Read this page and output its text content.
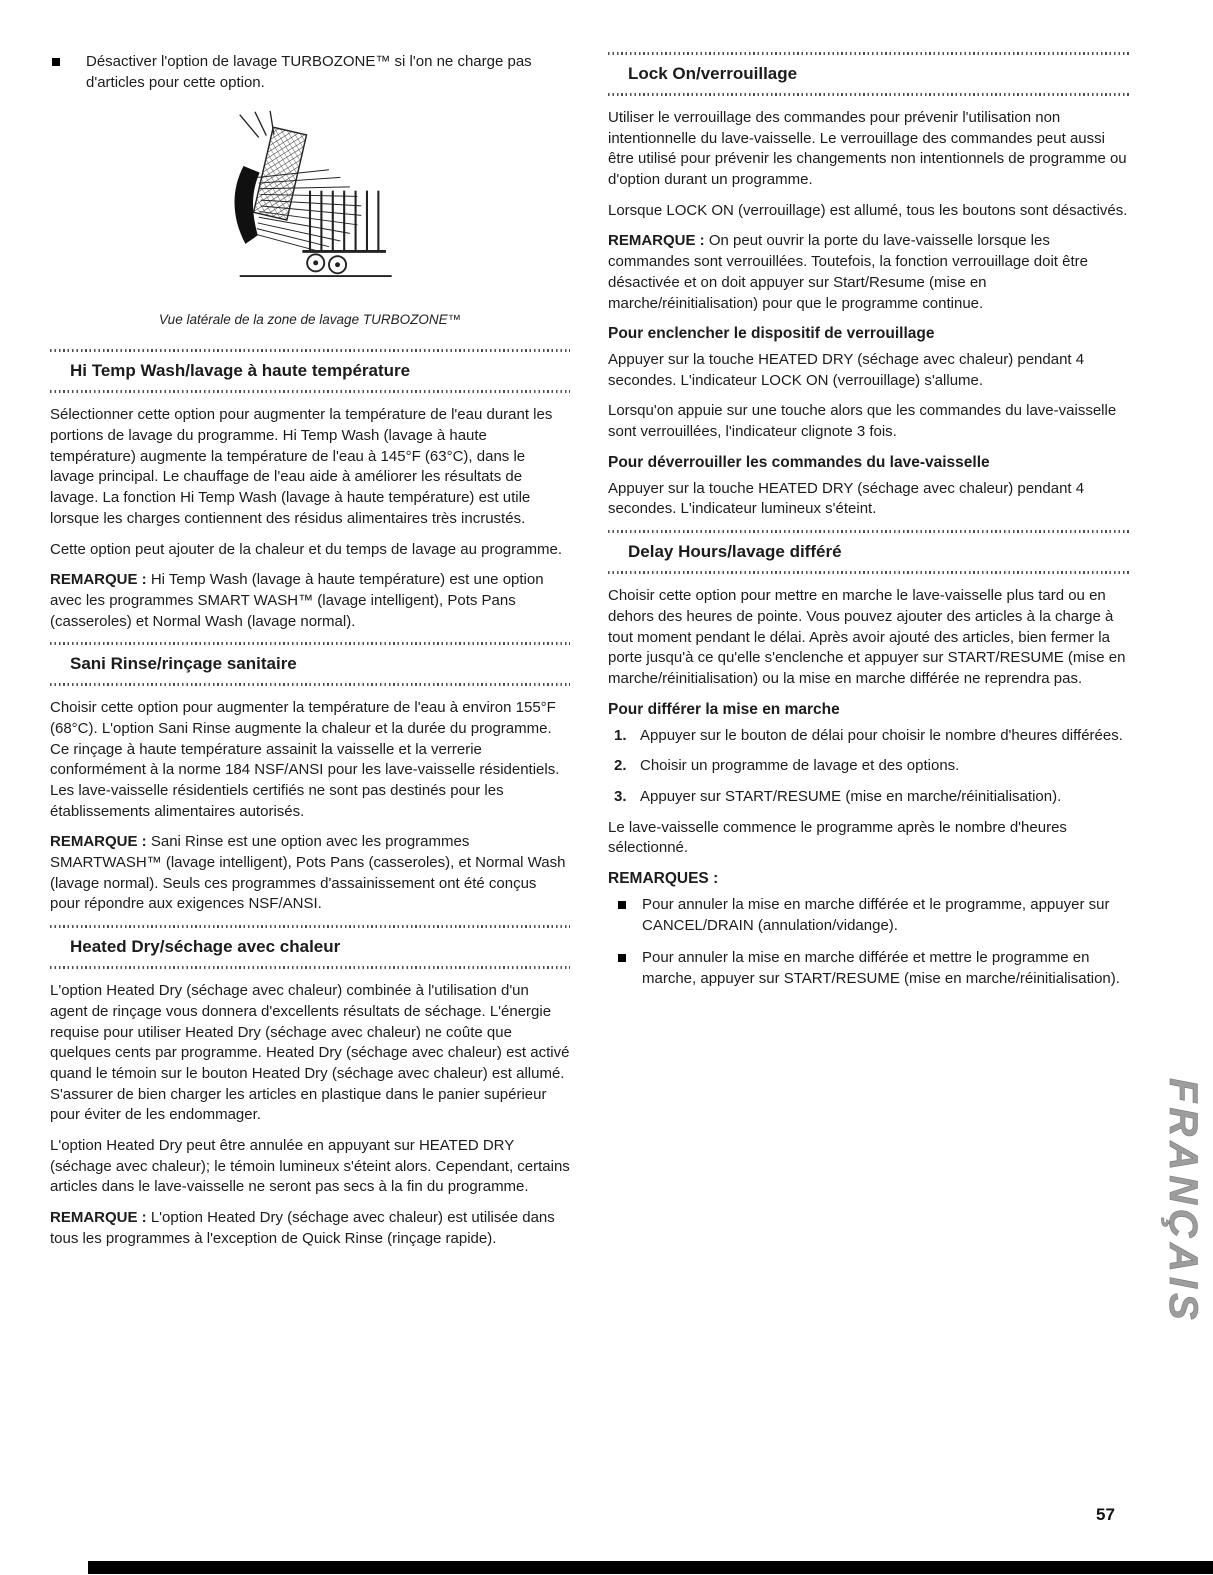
Désactiver l'option de lavage TURBOZONE™ si l'on ne charge pas d'articles pour cette option.
Vue latérale de la zone de lavage TURBOZONE™
Hi Temp Wash/lavage à haute température

Sélectionner cette option pour augmenter la température de l'eau durant les portions de lavage du programme. Hi Temp Wash (lavage à haute température) augmente la température de l'eau à 145°F (63°C), dans le lavage principal. Le chauffage de l'eau aide à améliorer les résultats de lavage. La fonction Hi Temp Wash (lavage à haute température) est utile lorsque les charges contiennent des résidus alimentaires très incrustés.

Cette option peut ajouter de la chaleur et du temps de lavage au programme.

REMARQUE : Hi Temp Wash (lavage à haute température) est une option avec les programmes SMART WASH™ (lavage intelligent), Pots Pans (casseroles) et Normal Wash (lavage normal).

Sani Rinse/rinçage sanitaire

Choisir cette option pour augmenter la température de l'eau à environ 155°F (68°C). L'option Sani Rinse augmente la chaleur et la durée du programme. Ce rinçage à haute température assainit la vaisselle et la verrerie conformément à la norme 184 NSF/ANSI pour les lave-vaisselle résidentiels. Les lave-vaisselle résidentiels certifiés ne sont pas destinés pour les établissements alimentaires autorisés.

REMARQUE : Sani Rinse est une option avec les programmes SMARTWASH™ (lavage intelligent), Pots Pans (casseroles), et Normal Wash (lavage normal). Seuls ces programmes d'assainissement ont été conçus pour répondre aux exigences NSF/ANSI.

Heated Dry/séchage avec chaleur

L'option Heated Dry (séchage avec chaleur) combinée à l'utilisation d'un agent de rinçage vous donnera d'excellents résultats de séchage. L'énergie requise pour utiliser Heated Dry (séchage avec chaleur) ne coûte que quelques cents par programme. Heated Dry (séchage avec chaleur) est activé quand le témoin sur le bouton Heated Dry (séchage avec chaleur) est allumé. S'assurer de bien charger les articles en plastique dans le panier supérieur pour éviter de les endommager.

L'option Heated Dry peut être annulée en appuyant sur HEATED DRY (séchage avec chaleur); le témoin lumineux s'éteint alors. Cependant, certains articles dans le lave-vaisselle ne seront pas secs à la fin du programme.

REMARQUE : L'option Heated Dry (séchage avec chaleur) est utilisée dans tous les programmes à l'exception de Quick Rinse (rinçage rapide).

Lock On/verrouillage

Utiliser le verrouillage des commandes pour prévenir l'utilisation non intentionnelle du lave-vaisselle. Le verrouillage des commandes peut aussi être utilisé pour prévenir les changements non intentionnels de programme ou d'option durant un programme.

Lorsque LOCK ON (verrouillage) est allumé, tous les boutons sont désactivés.

REMARQUE : On peut ouvrir la porte du lave-vaisselle lorsque les commandes sont verrouillées. Toutefois, la fonction verrouillage doit être désactivée et on doit appuyer sur Start/Resume (mise en marche/réinitialisation) pour que le programme continue.

Pour enclencher le dispositif de verrouillage

Appuyer sur la touche HEATED DRY (séchage avec chaleur) pendant 4 secondes. L'indicateur LOCK ON (verrouillage) s'allume.

Lorsqu'on appuie sur une touche alors que les commandes du lave-vaisselle sont verrouillées, l'indicateur clignote 3 fois.

Pour déverrouiller les commandes du lave-vaisselle

Appuyer sur la touche HEATED DRY (séchage avec chaleur) pendant 4 secondes. L'indicateur lumineux s'éteint.

Delay Hours/lavage différé

Choisir cette option pour mettre en marche le lave-vaisselle plus tard ou en dehors des heures de pointe. Vous pouvez ajouter des articles à la charge à tout moment pendant le délai. Après avoir ajouté des articles, bien fermer la porte jusqu'à ce qu'elle s'enclenche et appuyer sur START/RESUME (mise en marche/réinitialisation) ou la mise en marche différée ne reprendra pas.

Pour différer la mise en marche
1. Appuyer sur le bouton de délai pour choisir le nombre d'heures différées.
2. Choisir un programme de lavage et des options.
3. Appuyer sur START/RESUME (mise en marche/réinitialisation).

Le lave-vaisselle commence le programme après le nombre d'heures sélectionné.

REMARQUES :
Pour annuler la mise en marche différée et le programme, appuyer sur CANCEL/DRAIN (annulation/vidange).
Pour annuler la mise en marche différée et mettre le programme en marche, appuyer sur START/RESUME (mise en marche/réinitialisation).
FRANÇAIS
57
